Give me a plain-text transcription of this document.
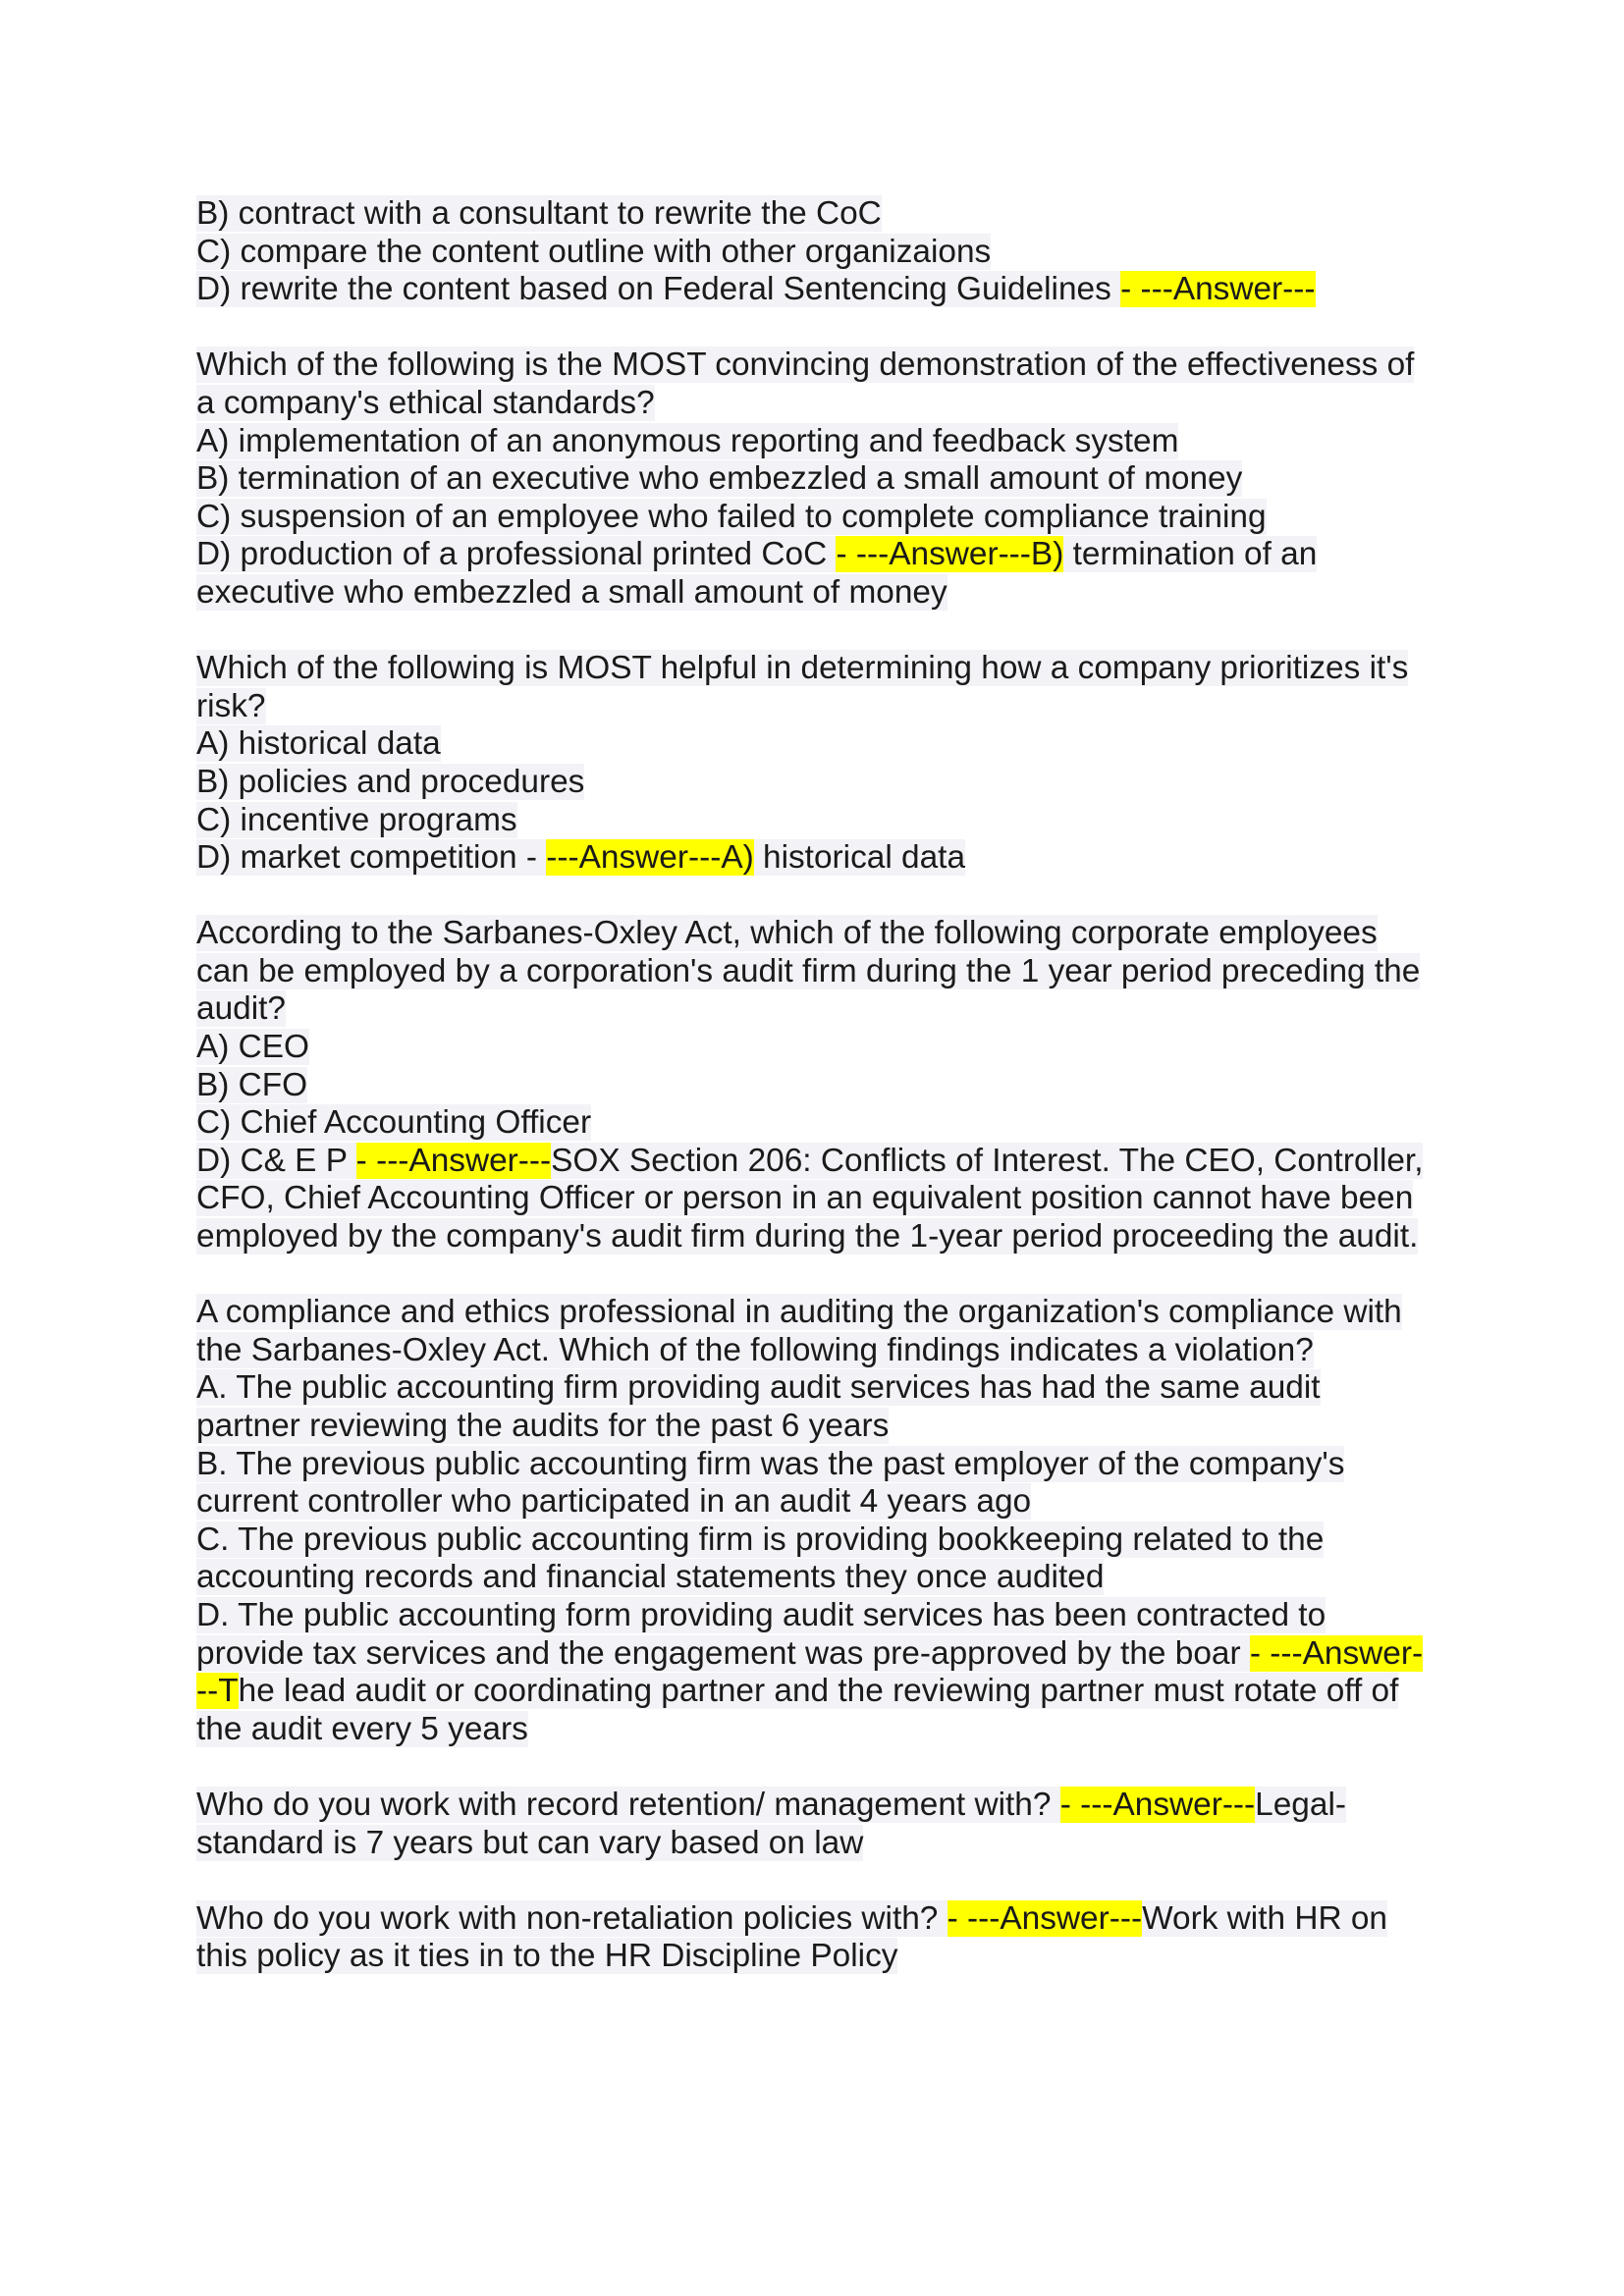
B) contract with a consultant to rewrite the CoC
C) compare the content outline with other organizaions
D) rewrite the content based on Federal Sentencing Guidelines - ---Answer---
Which of the following is the MOST convincing demonstration of the effectiveness of
a company's ethical standards?
A) implementation of an anonymous reporting and feedback system
B) termination of an executive who embezzled a small amount of money
C) suspension of an employee who failed to complete compliance training
D) production of a professional printed CoC - ---Answer---B) termination of an
executive who embezzled a small amount of money
Which of the following is MOST helpful in determining how a company prioritizes it's
risk?
A) historical data
B) policies and procedures
C) incentive programs
D) market competition - ---Answer---A) historical data
According to the Sarbanes-Oxley Act, which of the following corporate employees
can be employed by a corporation's audit firm during the 1 year period preceding the
audit?
A) CEO
B) CFO
C) Chief Accounting Officer
D) C& E P - ---Answer---SOX Section 206: Conflicts of Interest. The CEO, Controller,
CFO, Chief Accounting Officer or person in an equivalent position cannot have been
employed by the company's audit firm during the 1-year period proceeding the audit.
A compliance and ethics professional in auditing the organization's compliance with
the Sarbanes-Oxley Act. Which of the following findings indicates a violation?
A. The public accounting firm providing audit services has had the same audit
partner reviewing the audits for the past 6 years
B. The previous public accounting firm was the past employer of the company's
current controller who participated in an audit 4 years ago
C. The previous public accounting firm is providing bookkeeping related to the
accounting records and financial statements they once audited
D. The public accounting form providing audit services has been contracted to
provide tax services and the engagement was pre-approved by the boar - ---Answer-
--The lead audit or coordinating partner and the reviewing partner must rotate off of
the audit every 5 years
Who do you work with record retention/ management with? - ---Answer---Legal-
standard is 7 years but can vary based on law
Who do you work with non-retaliation policies with? - ---Answer---Work with HR on
this policy as it ties in to the HR Discipline Policy
